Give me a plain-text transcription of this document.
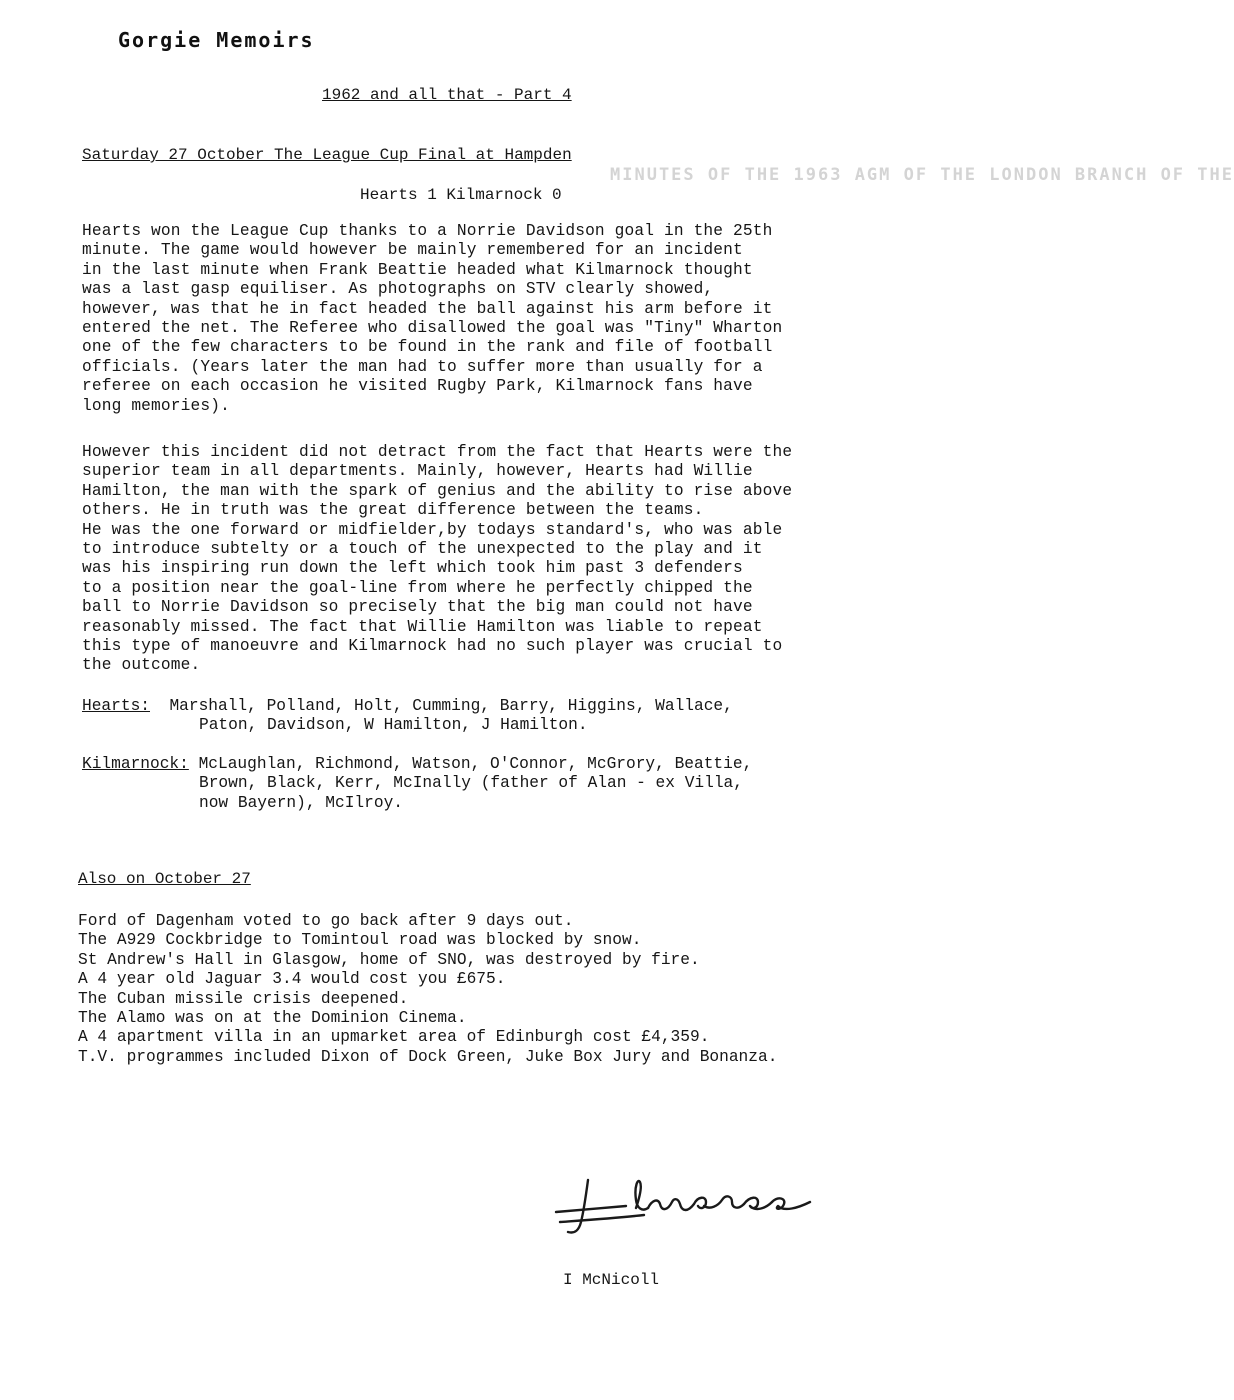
MINUTES OF THE 1963 AGM OF THE LONDON BRANCH OF THE

Gorgie Memoirs
1962 and all that - Part 4
Saturday 27 October The League Cup Final at Hampden
Hearts 1 Kilmarnock 0

Hearts won the League Cup thanks to a Norrie Davidson goal in the 25th
minute. The game would however be mainly remembered for an incident
in the last minute when Frank Beattie headed what Kilmarnock thought
was a last gasp equiliser. As photographs on STV clearly showed,
however, was that he in fact headed the ball against his arm before it
entered the net. The Referee who disallowed the goal was "Tiny" Wharton
one of the few characters to be found in the rank and file of football
officials. (Years later the man had to suffer more than usually for a
referee on each occasion he visited Rugby Park, Kilmarnock fans have
long memories).

However this incident did not detract from the fact that Hearts were the
superior team in all departments. Mainly, however, Hearts had Willie
Hamilton, the man with the spark of genius and the ability to rise above
others. He in truth was the great difference between the teams.
He was the one forward or midfielder,by todays standard's, who was able
to introduce subtelty or a touch of the unexpected to the play and it
was his inspiring run down the left which took him past 3 defenders
to a position near the goal-line from where he perfectly chipped the
ball to Norrie Davidson so precisely that the big man could not have
reasonably missed. The fact that Willie Hamilton was liable to repeat
this type of manoeuvre and Kilmarnock had no such player was crucial to
the outcome.

Hearts: Marshall, Polland, Holt, Cumming, Barry, Higgins, Wallace,
Paton, Davidson, W Hamilton, J Hamilton.
Kilmarnock: McLaughlan, Richmond, Watson, O'Connor, McGrory, Beattie,
Brown, Black, Kerr, McInally (father of Alan - ex Villa,
now Bayern), McIlroy.
Also on October 27
Ford of Dagenham voted to go back after 9 days out.
The A929 Cockbridge to Tomintoul road was blocked by snow.
St Andrew's Hall in Glasgow, home of SNO, was destroyed by fire.
A 4 year old Jaguar 3.4 would cost you £675.
The Cuban missile crisis deepened.
The Alamo was on at the Dominion Cinema.
A 4 apartment villa in an upmarket area of Edinburgh cost £4,359.
T.V. programmes included Dixon of Dock Green, Juke Box Jury and Bonanza.
I McNicoll
